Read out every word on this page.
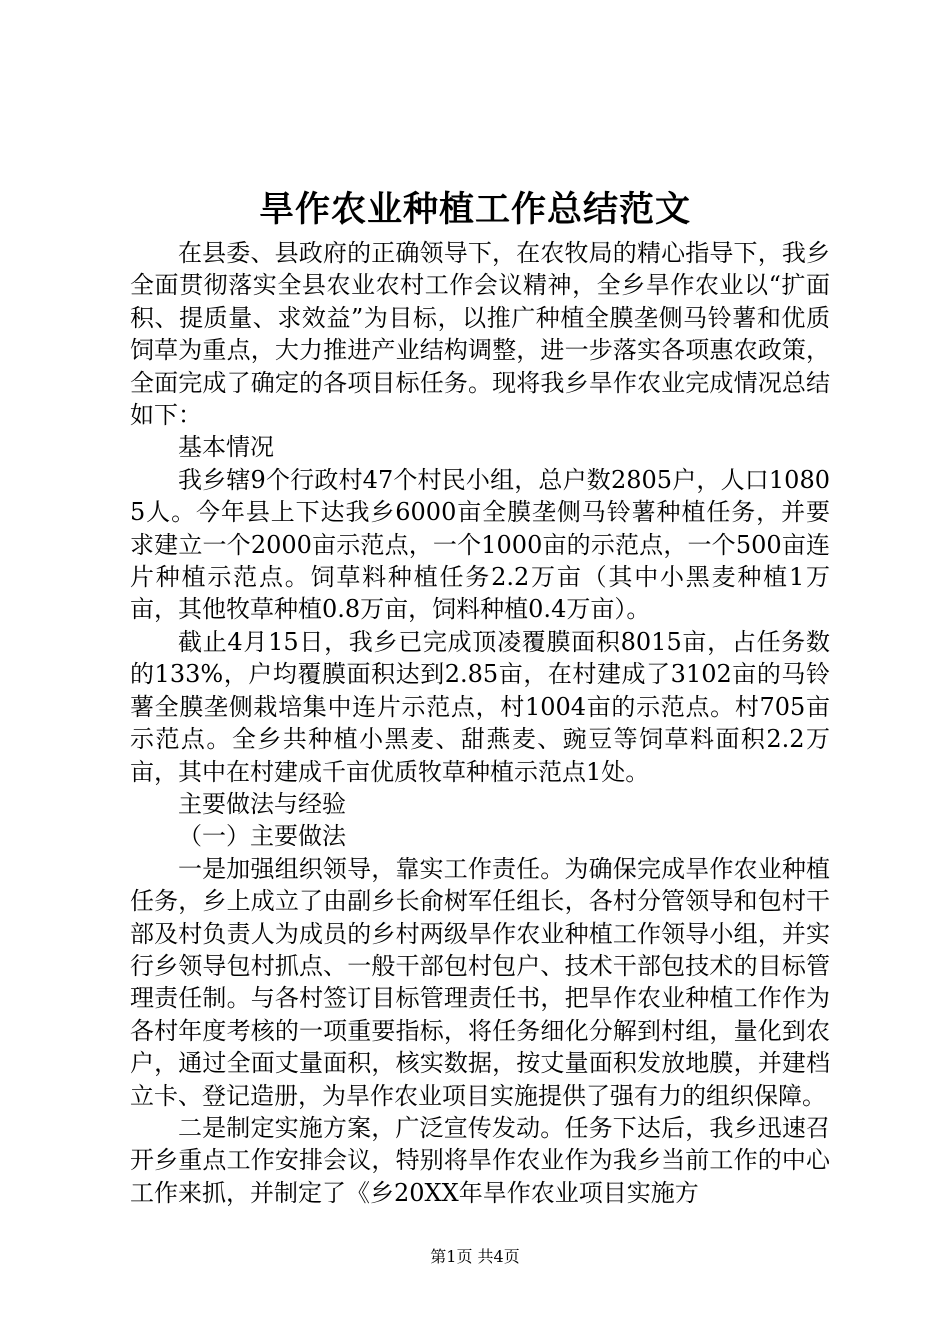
旱作农业种植工作总结范文

在县委、县政府的正确领导下，在农牧局的精心指导下，我乡全面贯彻落实全县农业农村工作会议精神，全乡旱作农业以“扩面积、提质量、求效益”为目标，以推广种植全膜垄侧马铃薯和优质饲草为重点，大力推进产业结构调整，进一步落实各项惠农政策，全面完成了确定的各项目标任务。现将我乡旱作农业完成情况总结如下：

基本情况

我乡辖9个行政村47个村民小组，总户数2805户，人口10805人。今年县上下达我乡6000亩全膜垄侧马铃薯种植任务，并要求建立一个2000亩示范点，一个1000亩的示范点，一个500亩连片种植示范点。饲草料种植任务2.2万亩（其中小黑麦种植1万亩，其他牧草种植0.8万亩，饲料种植0.4万亩）。

截止4月15日，我乡已完成顶凌覆膜面积8015亩，占任务数的133%，户均覆膜面积达到2.85亩，在村建成了3102亩的马铃薯全膜垄侧栽培集中连片示范点，村1004亩的示范点。村705亩示范点。全乡共种植小黑麦、甜燕麦、豌豆等饲草料面积2.2万亩，其中在村建成千亩优质牧草种植示范点1处。

主要做法与经验

（一）主要做法

一是加强组织领导，靠实工作责任。为确保完成旱作农业种植任务，乡上成立了由副乡长俞树军任组长，各村分管领导和包村干部及村负责人为成员的乡村两级旱作农业种植工作领导小组，并实行乡领导包村抓点、一般干部包村包户、技术干部包技术的目标管理责任制。与各村签订目标管理责任书，把旱作农业种植工作作为各村年度考核的一项重要指标，将任务细化分解到村组，量化到农户，通过全面丈量面积，核实数据，按丈量面积发放地膜，并建档立卡、登记造册，为旱作农业项目实施提供了强有力的组织保障。

二是制定实施方案，广泛宣传发动。任务下达后，我乡迅速召开乡重点工作安排会议，特别将旱作农业作为我乡当前工作的中心工作来抓，并制定了《乡20XX年旱作农业项目实施方

第1页 共4页
